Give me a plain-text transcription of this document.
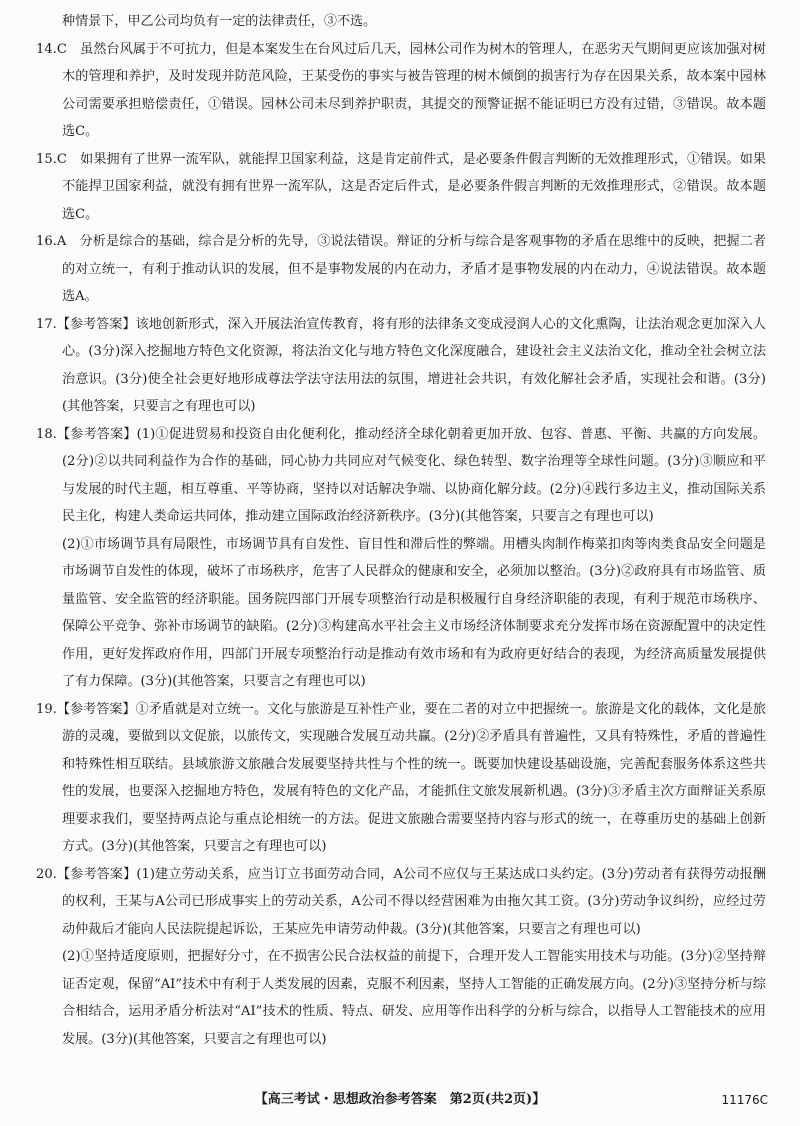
种情景下，甲乙公司均负有一定的法律责任，③不选。

14.C　虽然台风属于不可抗力，但是本案发生在台风过后几天，园林公司作为树木的管理人，在恶劣天气期间更应该加强对树木的管理和养护，及时发现并防范风险，王某受伤的事实与被告管理的树木倾倒的损害行为存在因果关系，故本案中园林公司需要承担赔偿责任，①错误。园林公司未尽到养护职责，其提交的预警证据不能证明已方没有过错，③错误。故本题选C。

15.C　如果拥有了世界一流军队，就能捍卫国家利益，这是肯定前件式，是必要条件假言判断的无效推理形式，①错误。如果不能捍卫国家利益，就没有拥有世界一流军队，这是否定后件式，是必要条件假言判断的无效推理形式，②错误。故本题选C。

16.A　分析是综合的基础，综合是分析的先导，③说法错误。辩证的分析与综合是客观事物的矛盾在思维中的反映，把握二者的对立统一，有利于推动认识的发展，但不是事物发展的内在动力，矛盾才是事物发展的内在动力，④说法错误。故本题选A。

17.【参考答案】该地创新形式，深入开展法治宣传教育，将有形的法律条文变成浸润人心的文化熏陶，让法治观念更加深入人心。(3分)深入挖掘地方特色文化资源，将法治文化与地方特色文化深度融合，建设社会主义法治文化，推动全社会树立法治意识。(3分)使全社会更好地形成尊法学法守法用法的氛围，增进社会共识，有效化解社会矛盾，实现社会和谐。(3分)(其他答案，只要言之有理也可以)

18.【参考答案】(1)①促进贸易和投资自由化便利化，推动经济全球化朝着更加开放、包容、普惠、平衡、共赢的方向发展。(2分)②以共同利益作为合作的基础，同心协力共同应对气候变化、绿色转型、数字治理等全球性问题。(3分)③顺应和平与发展的时代主题，相互尊重、平等协商，坚持以对话解决争端、以协商化解分歧。(2分)④践行多边主义，推动国际关系民主化，构建人类命运共同体，推动建立国际政治经济新秩序。(3分)(其他答案，只要言之有理也可以)

(2)①市场调节具有局限性，市场调节具有自发性、盲目性和滞后性的弊端。用槽头肉制作梅菜扣肉等肉类食品安全问题是市场调节自发性的体现，破坏了市场秩序，危害了人民群众的健康和安全，必须加以整治。(3分)②政府具有市场监管、质量监管、安全监管的经济职能。国务院四部门开展专项整治行动是积极履行自身经济职能的表现，有利于规范市场秩序、保障公平竞争、弥补市场调节的缺陷。(2分)③构建高水平社会主义市场经济体制要求充分发挥市场在资源配置中的决定性作用，更好发挥政府作用，四部门开展专项整治行动是推动有效市场和有为政府更好结合的表现，为经济高质量发展提供了有力保障。(3分)(其他答案，只要言之有理也可以)

19.【参考答案】①矛盾就是对立统一。文化与旅游是互补性产业，要在二者的对立中把握统一。旅游是文化的载体，文化是旅游的灵魂，要做到以文促旅，以旅传文，实现融合发展互动共赢。(2分)②矛盾具有普遍性，又具有特殊性，矛盾的普遍性和特殊性相互联结。县域旅游文旅融合发展要坚持共性与个性的统一。既要加快建设基础设施，完善配套服务体系这些共性的发展，也要深入挖掘地方特色，发展有特色的文化产品，才能抓住文旅发展新机遇。(3分)③矛盾主次方面辩证关系原理要求我们，要坚持两点论与重点论相统一的方法。促进文旅融合需要坚持内容与形式的统一，在尊重历史的基础上创新方式。(3分)(其他答案，只要言之有理也可以)

20.【参考答案】(1)建立劳动关系，应当订立书面劳动合同，A公司不应仅与王某达成口头约定。(3分)劳动者有获得劳动报酬的权利，王某与A公司已形成事实上的劳动关系，A公司不得以经营困难为由拖欠其工资。(3分)劳动争议纠纷，应经过劳动仲裁后才能向人民法院提起诉讼，王某应先申请劳动仲裁。(3分)(其他答案，只要言之有理也可以)

(2)①坚持适度原则，把握好分寸，在不损害公民合法权益的前提下，合理开发人工智能实用技术与功能。(3分)②坚持辩证否定观，保留“AI”技术中有利于人类发展的因素，克服不利因素，坚持人工智能的正确发展方向。(2分)③坚持分析与综合相结合，运用矛盾分析法对“AI”技术的性质、特点、研发、应用等作出科学的分析与综合，以指导人工智能技术的应用发展。(3分)(其他答案，只要言之有理也可以)

【高三考试・思想政治参考答案　第2页(共2页)】	11176C
